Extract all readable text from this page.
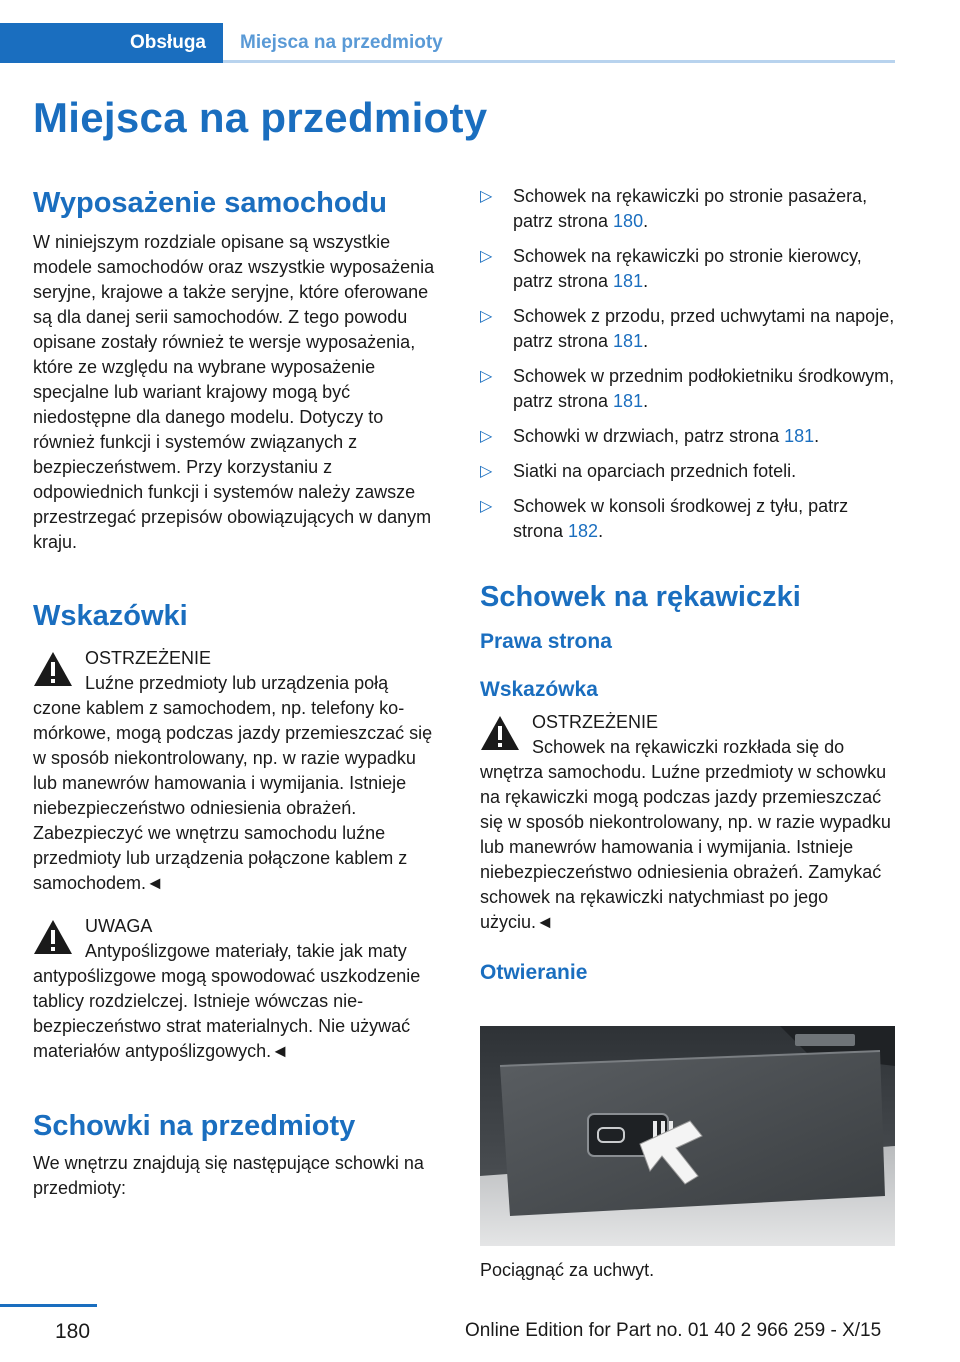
Obsługa	Miejsca na przedmioty
Miejsca na przedmioty
Wyposażenie samochodu

W niniejszym rozdziale opisane są wszystkie modele samochodów oraz wszystkie wyposażenia seryjne, krajowe a także seryjne, które oferowane są dla danej serii samochodów. Z tego powodu opisane zostały również te wersje wyposażenia, które ze względu na wybrane wyposażenie specjalne lub wariant krajowy mogą być niedostępne dla danego modelu. Dotyczy to również funkcji i systemów związanych z bezpieczeństwem. Przy korzystaniu z odpowiednich funkcji i systemów należy zawsze przestrzegać przepisów obowiązujących w danym kraju.

Wskazówki
OSTRZEŻENIE
Luźne przedmioty lub urządzenia połą

czone kablem z samochodem, np. telefony komórkowe, mogą podczas jazdy przemieszczać się w sposób niekontrolowany, np. w razie wypadku lub manewrów hamowania i wymijania. Istnieje niebezpieczeństwo odniesienia obrażeń. Zabezpieczyć we wnętrzu samochodu luźne przedmioty lub urządzenia połączone kablem z samochodem.◄

UWAGA
Antypoślizgowe materiały, takie jak maty

antypoślizgowe mogą spowodować uszkodzenie tablicy rozdzielczej. Istnieje wówczas niebezpieczeństwo strat materialnych. Nie używać materiałów antypoślizgowych.◄

Schowki na przedmioty

We wnętrzu znajdują się następujące schowki na przedmioty:

▷ Schowek na rękawiczki po stronie pasażera, patrz strona 180.
▷ Schowek na rękawiczki po stronie kierowcy, patrz strona 181.
▷ Schowek z przodu, przed uchwytami na napoje, patrz strona 181.
▷ Schowek w przednim podłokietniku środkowym, patrz strona 181.
▷ Schowki w drzwiach, patrz strona 181.
▷ Siatki na oparciach przednich foteli.
▷ Schowek w konsoli środkowej z tyłu, patrz strona 182.
Schowek na rękawiczki
Prawa strona
Wskazówka
OSTRZEŻENIE
Schowek na rękawiczki rozkłada się do

wnętrza samochodu. Luźne przedmioty w schowku na rękawiczki mogą podczas jazdy przemieszczać się w sposób niekontrolowany, np. w razie wypadku lub manewrów hamowania i wymijania. Istnieje niebezpieczeństwo odniesienia obrażeń. Zamykać schowek na rękawiczki natychmiast po jego użyciu.◄

Otwieranie

Pociągnąć za uchwyt.

180	Online Edition for Part no. 01 40 2 966 259 - X/15
